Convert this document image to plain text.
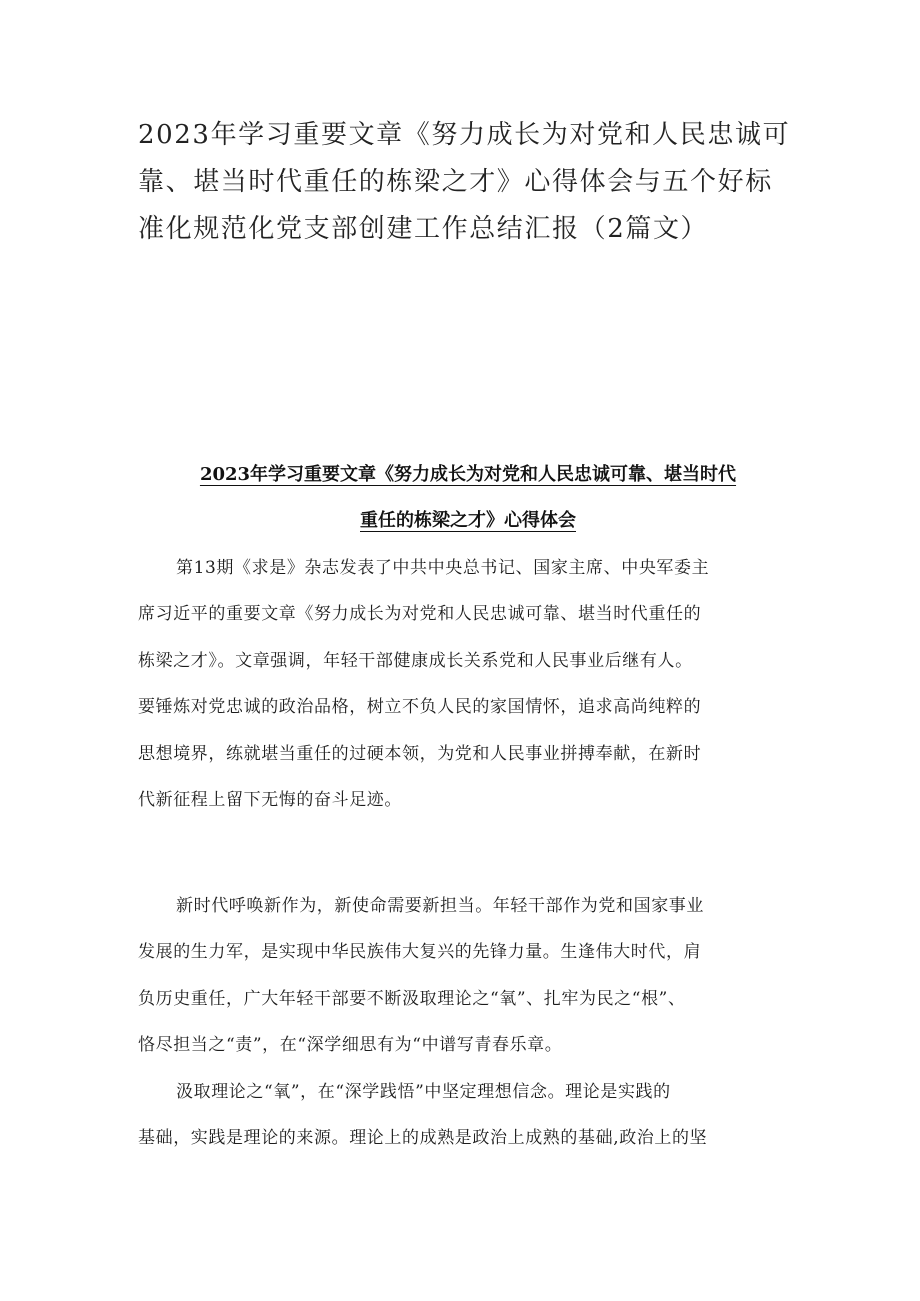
2023年学习重要文章《努力成长为对党和人民忠诚可
靠、堪当时代重任的栋梁之才》心得体会与五个好标
准化规范化党支部创建工作总结汇报（2篇文）
2023年学习重要文章《努力成长为对党和人民忠诚可靠、堪当时代
重任的栋梁之才》心得体会
第13期《求是》杂志发表了中共中央总书记、国家主席、中央军委主
席习近平的重要文章《努力成长为对党和人民忠诚可靠、堪当时代重任的
栋梁之才》。文章强调，年轻干部健康成长关系党和人民事业后继有人。
要锤炼对党忠诚的政治品格，树立不负人民的家国情怀，追求高尚纯粹的
思想境界，练就堪当重任的过硬本领，为党和人民事业拼搏奉献，在新时
代新征程上留下无悔的奋斗足迹。
新时代呼唤新作为，新使命需要新担当。年轻干部作为党和国家事业
发展的生力军，是实现中华民族伟大复兴的先锋力量。生逢伟大时代，肩
负历史重任，广大年轻干部要不断汲取理论之“氧”、扎牢为民之“根”、
恪尽担当之“责”，在“深学细思有为“中谱写青春乐章。
汲取理论之“氧”，在“深学践悟”中坚定理想信念。理论是实践的
基础，实践是理论的来源。理论上的成熟是政治上成熟的基础,政治上的坚
